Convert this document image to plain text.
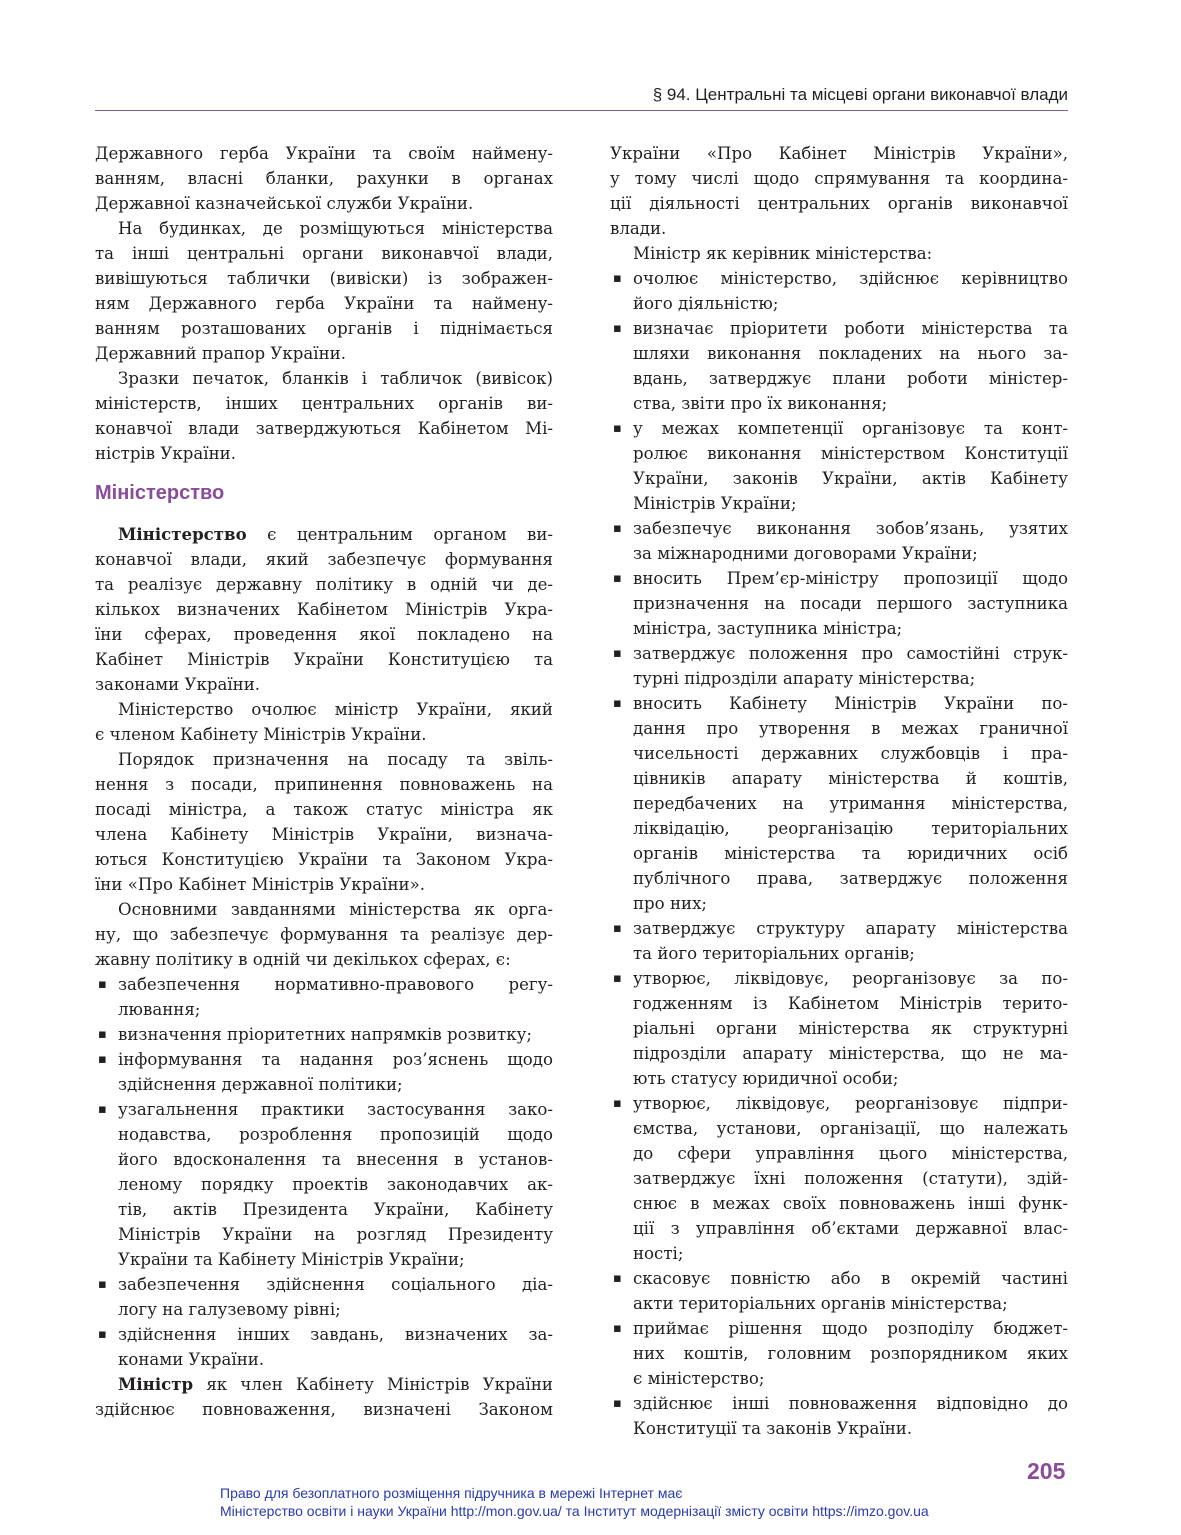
§ 94. Центральні та місцеві органи виконавчої влади
Державного герба України та своїм наймену-
ванням, власні бланки, рахунки в органах
Державної казначейської служби України.
На будинках, де розміщуються міністерства
та інші центральні органи виконавчої влади,
вивішуються таблички (вивіски) із зображен-
ням Державного герба України та наймену-
ванням розташованих органів і піднімається
Державний прапор України.
Зразки печаток, бланків і табличок (вивісок)
міністерств, інших центральних органів ви-
конавчої влади затверджуються Кабінетом Мі-
ністрів України.
Міністерство
Міністерство є центральним органом ви-
конавчої влади, який забезпечує формування
та реалізує державну політику в одній чи де-
кількох визначених Кабінетом Міністрів Укра-
їни сферах, проведення якої покладено на
Кабінет Міністрів України Конституцією та
законами України.
Міністерство очолює міністр України, який
є членом Кабінету Міністрів України.
Порядок призначення на посаду та звіль-
нення з посади, припинення повноважень на
посаді міністра, а також статус міністра як
члена Кабінету Міністрів України, визнача-
ються Конституцією України та Законом Укра-
їни «Про Кабінет Міністрів України».
Основними завданнями міністерства як орга-
ну, що забезпечує формування та реалізує дер-
жавну політику в одній чи декількох сферах, є:
▪ забезпечення нормативно-правового регу-
лювання;
▪ визначення пріоритетних напрямків розвитку;
▪ інформування та надання роз’яснень щодо
здійснення державної політики;
▪ узагальнення практики застосування зако-
нодавства, розроблення пропозицій щодо
його вдосконалення та внесення в установ-
леному порядку проектів законодавчих ак-
тів, актів Президента України, Кабінету
Міністрів України на розгляд Президенту
України та Кабінету Міністрів України;
▪ забезпечення здійснення соціального діа-
логу на галузевому рівні;
▪ здійснення інших завдань, визначених за-
конами України.
Міністр як член Кабінету Міністрів України
здійснює повноваження, визначені Законом
України «Про Кабінет Міністрів України»,
у тому числі щодо спрямування та координа-
ції діяльності центральних органів виконавчої
влади.
Міністр як керівник міністерства:
▪ очолює міністерство, здійснює керівництво
його діяльністю;
▪ визначає пріоритети роботи міністерства та
шляхи виконання покладених на нього за-
вдань, затверджує плани роботи міністер-
ства, звіти про їх виконання;
▪ у межах компетенції організовує та конт-
ролює виконання міністерством Конституції
України, законів України, актів Кабінету
Міністрів України;
▪ забезпечує виконання зобов’язань, узятих
за міжнародними договорами України;
▪ вносить Прем’єр-міністру пропозиції щодо
призначення на посади першого заступника
міністра, заступника міністра;
▪ затверджує положення про самостійні струк-
турні підрозділи апарату міністерства;
▪ вносить Кабінету Міністрів України по-
дання про утворення в межах граничної
чисельності державних службовців і пра-
цівників апарату міністерства й коштів,
передбачених на утримання міністерства,
ліквідацію, реорганізацію територіальних
органів міністерства та юридичних осіб
публічного права, затверджує положення
про них;
▪ затверджує структуру апарату міністерства
та його територіальних органів;
▪ утворює, ліквідовує, реорганізовує за по-
годженням із Кабінетом Міністрів терито-
ріальні органи міністерства як структурні
підрозділи апарату міністерства, що не ма-
ють статусу юридичної особи;
▪ утворює, ліквідовує, реорганізовує підпри-
ємства, установи, організації, що належать
до сфери управління цього міністерства,
затверджує їхні положення (статути), здій-
снює в межах своїх повноважень інші функ-
ції з управління об’єктами державної влас-
ності;
▪ скасовує повністю або в окремій частині
акти територіальних органів міністерства;
▪ приймає рішення щодо розподілу бюджет-
них коштів, головним розпорядником яких
є міністерство;
▪ здійснює інші повноваження відповідно до
Конституції та законів України.
205
Право для безоплатного розміщення підручника в мережі Інтернет має
Міністерство освіти і науки України http://mon.gov.ua/ та Інститут модернізації змісту освіти https://imzo.gov.ua
